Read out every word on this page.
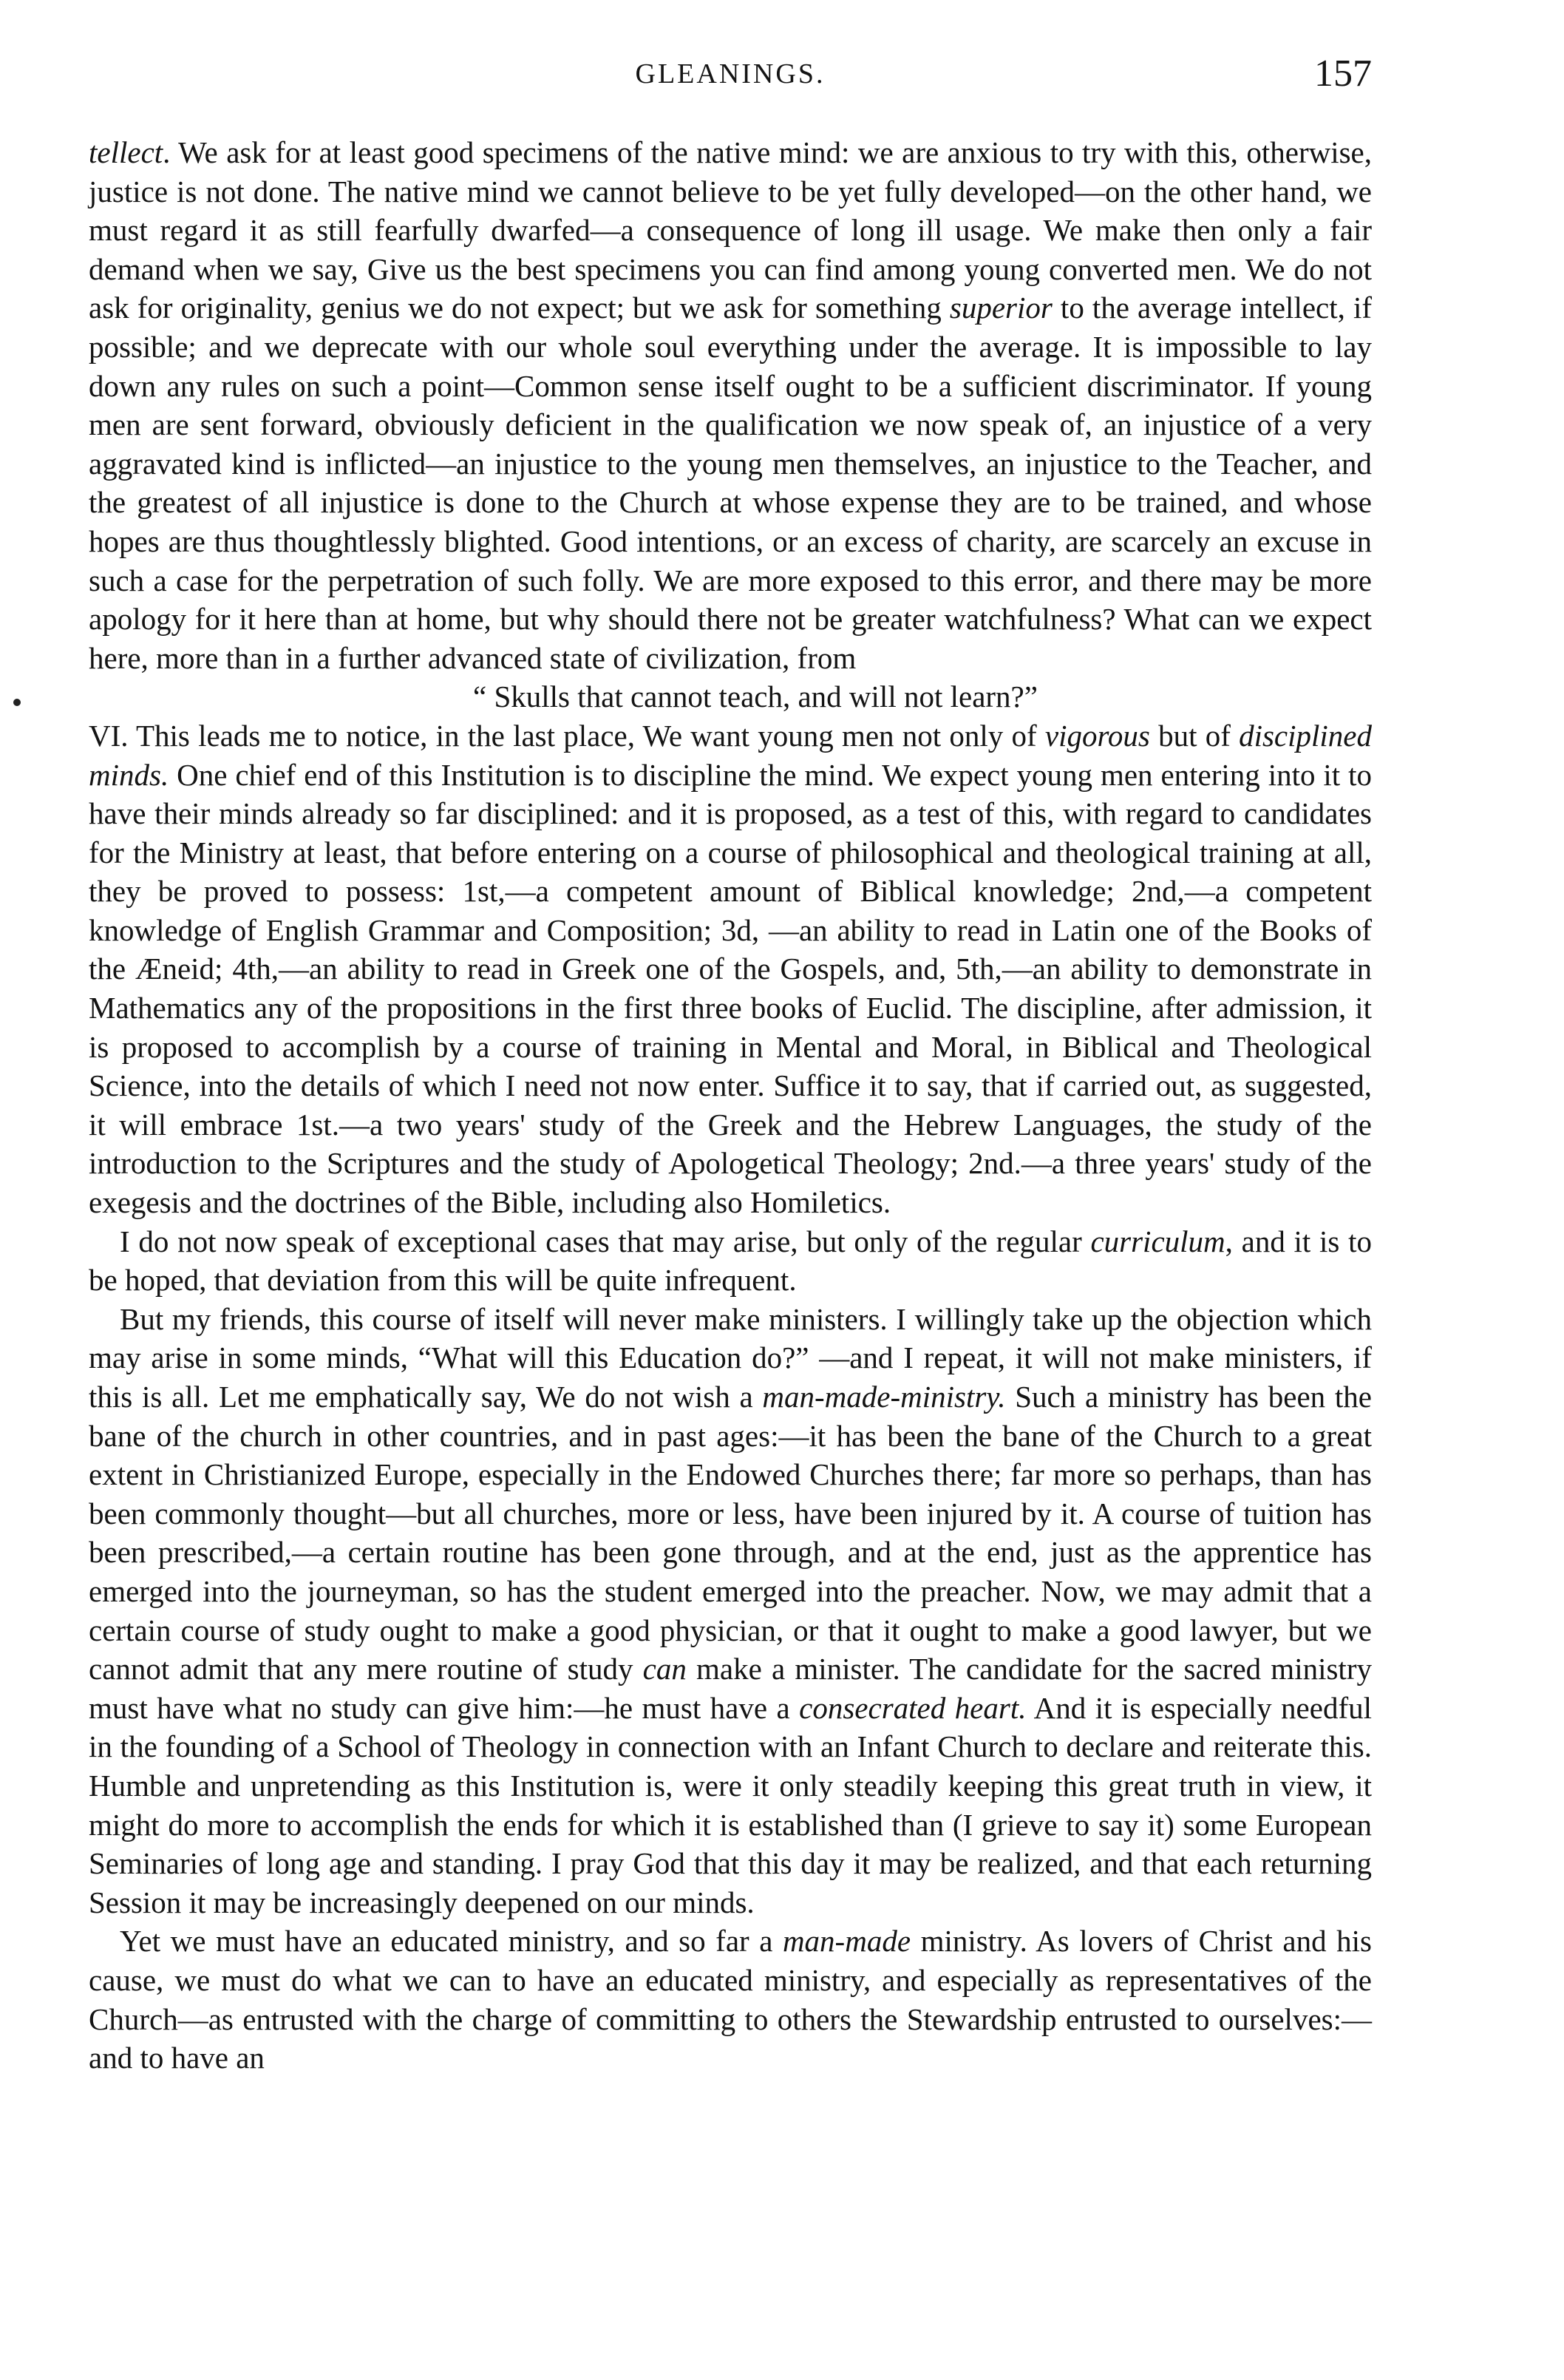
GLEANINGS.	157

tellect. We ask for at least good specimens of the native mind: we are anxious to try with this, otherwise, justice is not done. The native mind we cannot believe to be yet fully developed—on the other hand, we must regard it as still fearfully dwarfed—a consequence of long ill usage. We make then only a fair demand when we say, Give us the best specimens you can find among young converted men. We do not ask for originality, genius we do not expect; but we ask for something superior to the average intellect, if possible; and we deprecate with our whole soul everything under the average. It is impossible to lay down any rules on such a point—Common sense itself ought to be a sufficient discriminator. If young men are sent forward, obviously deficient in the qualification we now speak of, an injustice of a very aggravated kind is inflicted—an injustice to the young men themselves, an injustice to the Teacher, and the greatest of all injustice is done to the Church at whose expense they are to be trained, and whose hopes are thus thoughtlessly blighted. Good intentions, or an excess of charity, are scarcely an excuse in such a case for the perpetration of such folly. We are more exposed to this error, and there may be more apology for it here than at home, but why should there not be greater watchfulness? What can we expect here, more than in a further advanced state of civilization, from

“ Skulls that cannot teach, and will not learn?”

VI. This leads me to notice, in the last place, We want young men not only of vigorous but of disciplined minds. One chief end of this Institution is to discipline the mind. We expect young men entering into it to have their minds already so far disciplined: and it is proposed, as a test of this, with regard to candidates for the Ministry at least, that before entering on a course of philosophical and theological training at all, they be proved to possess: 1st,—a competent amount of Biblical knowledge; 2nd,—a competent knowledge of English Grammar and Composition; 3d, —an ability to read in Latin one of the Books of the Æneid; 4th,—an ability to read in Greek one of the Gospels, and, 5th,—an ability to demonstrate in Mathematics any of the propositions in the first three books of Euclid. The discipline, after admission, it is proposed to accomplish by a course of training in Mental and Moral, in Biblical and Theological Science, into the details of which I need not now enter. Suffice it to say, that if carried out, as suggested, it will embrace 1st.—a two years' study of the Greek and the Hebrew Languages, the study of the introduction to the Scriptures and the study of Apologetical Theology; 2nd.—a three years' study of the exegesis and the doctrines of the Bible, including also Homiletics.

I do not now speak of exceptional cases that may arise, but only of the regular curriculum, and it is to be hoped, that deviation from this will be quite infrequent.

But my friends, this course of itself will never make ministers. I willingly take up the objection which may arise in some minds, “What will this Education do?” —and I repeat, it will not make ministers, if this is all. Let me emphatically say, We do not wish a man-made-ministry. Such a ministry has been the bane of the church in other countries, and in past ages:—it has been the bane of the Church to a great extent in Christianized Europe, especially in the Endowed Churches there; far more so perhaps, than has been commonly thought—but all churches, more or less, have been injured by it. A course of tuition has been prescribed,—a certain routine has been gone through, and at the end, just as the apprentice has emerged into the journeyman, so has the student emerged into the preacher. Now, we may admit that a certain course of study ought to make a good physician, or that it ought to make a good lawyer, but we cannot admit that any mere routine of study can make a minister. The candidate for the sacred ministry must have what no study can give him:—he must have a consecrated heart. And it is especially needful in the founding of a School of Theology in connection with an Infant Church to declare and reiterate this. Humble and unpretending as this Institution is, were it only steadily keeping this great truth in view, it might do more to accomplish the ends for which it is established than (I grieve to say it) some European Seminaries of long age and standing. I pray God that this day it may be realized, and that each returning Session it may be increasingly deepened on our minds.

Yet we must have an educated ministry, and so far a man-made ministry. As lovers of Christ and his cause, we must do what we can to have an educated ministry, and especially as representatives of the Church—as entrusted with the charge of committing to others the Stewardship entrusted to ourselves:—and to have an
